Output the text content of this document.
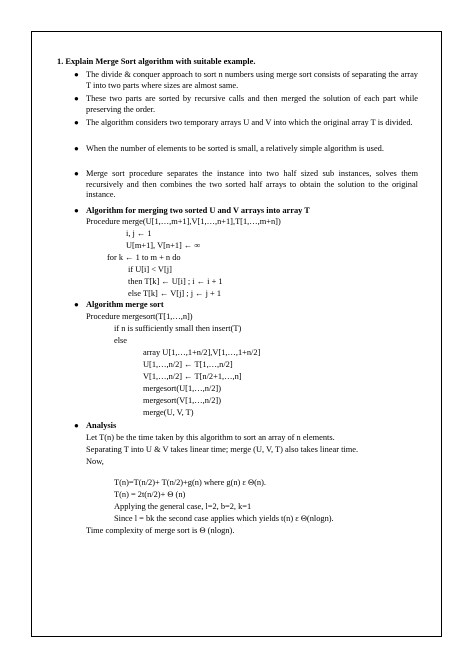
1. Explain Merge Sort algorithm with suitable example.
● The divide & conquer approach to sort n numbers using merge sort consists of separating the array T into two parts where sizes are almost same.
● These two parts are sorted by recursive calls and then merged the solution of each part while preserving the order.
● The algorithm considers two temporary arrays U and V into which the original array T is divided.
● When the number of elements to be sorted is small, a relatively simple algorithm is used.
● Merge sort procedure separates the instance into two half sized sub instances, solves them recursively and then combines the two sorted half arrays to obtain the solution to the original instance.
● Algorithm for merging two sorted U and V arrays into array T
Procedure merge(U[1,…,m+1],V[1,…,n+1],T[1,…,m+n])
i, j ← 1
U[m+1], V[n+1] ← ∞
for k ← 1 to m + n do
if U[i] < V[j]
then T[k] ← U[i] ; i ← i + 1
else T[k] ← V[j] ; j ← j + 1
● Algorithm merge sort
Procedure mergesort(T[1,…,n])
if n is sufficiently small then insert(T)
else
array U[1,…,1+n/2],V[1,…,1+n/2]
U[1,…,n/2] ← T[1,…,n/2]
V[1,…,n/2] ← T[n/2+1,…,n]
mergesort(U[1,…,n/2])
mergesort(V[1,…,n/2])
merge(U, V, T)
● Analysis
Let T(n) be the time taken by this algorithm to sort an array of n elements.
Separating T into U & V takes linear time; merge (U, V, T) also takes linear time.
Now,
T(n)=T(n/2)+ T(n/2)+g(n) where g(n) ε Θ(n).
T(n) = 2t(n/2)+ Θ (n)
Applying the general case, l=2, b=2, k=1
Since l = bk the second case applies which yields t(n) ε Θ(nlogn).
Time complexity of merge sort is Θ (nlogn).
